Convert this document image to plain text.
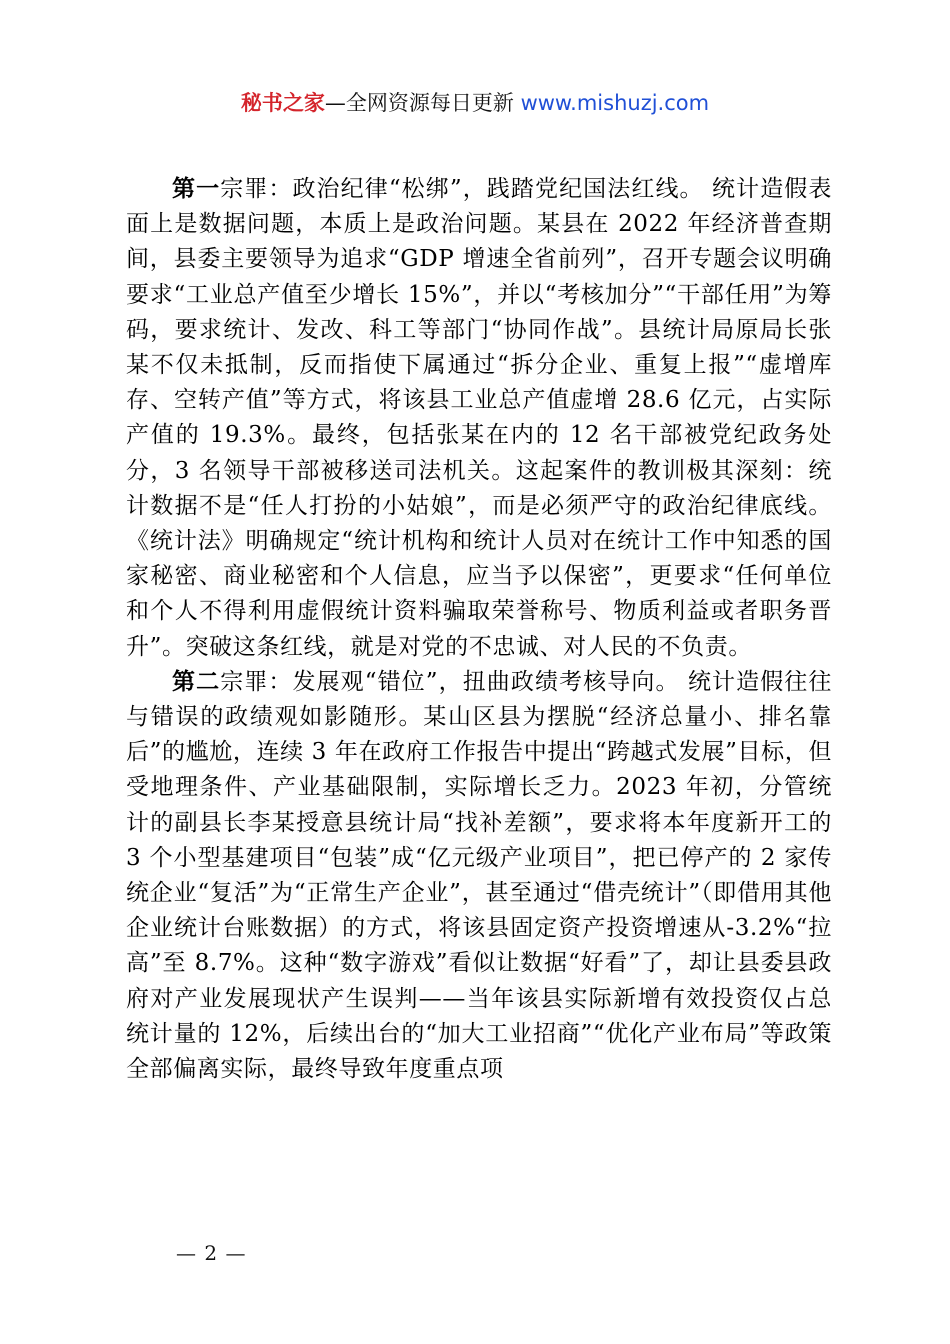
秘书之家—全网资源每日更新 www.mishuzj.com

第一宗罪：政治纪律“松绑”，践踏党纪国法红线。 统计造假表面上是数据问题，本质上是政治问题。某县在 2022 年经济普查期间，县委主要领导为追求“GDP 增速全省前列”，召开专题会议明确要求“工业总产值至少增长 15%”，并以“考核加分”“干部任用”为筹码，要求统计、发改、科工等部门“协同作战”。县统计局原局长张某不仅未抵制，反而指使下属通过“拆分企业、重复上报”“虚增库存、空转产值”等方式，将该县工业总产值虚增 28.6 亿元，占实际产值的 19.3%。最终，包括张某在内的 12 名干部被党纪政务处分，3 名领导干部被移送司法机关。这起案件的教训极其深刻：统计数据不是“任人打扮的小姑娘”，而是必须严守的政治纪律底线。《统计法》明确规定“统计机构和统计人员对在统计工作中知悉的国家秘密、商业秘密和个人信息，应当予以保密”，更要求“任何单位和个人不得利用虚假统计资料骗取荣誉称号、物质利益或者职务晋升”。突破这条红线，就是对党的不忠诚、对人民的不负责。

第二宗罪：发展观“错位”，扭曲政绩考核导向。 统计造假往往与错误的政绩观如影随形。某山区县为摆脱“经济总量小、排名靠后”的尴尬，连续 3 年在政府工作报告中提出“跨越式发展”目标，但受地理条件、产业基础限制，实际增长乏力。2023 年初，分管统计的副县长李某授意县统计局“找补差额”，要求将本年度新开工的 3 个小型基建项目“包装”成“亿元级产业项目”，把已停产的 2 家传统企业“复活”为“正常生产企业”，甚至通过“借壳统计”（即借用其他企业统计台账数据）的方式，将该县固定资产投资增速从-3.2%“拉高”至 8.7%。这种“数字游戏”看似让数据“好看”了，却让县委县政府对产业发展现状产生误判——当年该县实际新增有效投资仅占总统计量的 12%，后续出台的“加大工业招商”“优化产业布局”等政策全部偏离实际，最终导致年度重点项

— 2 —
